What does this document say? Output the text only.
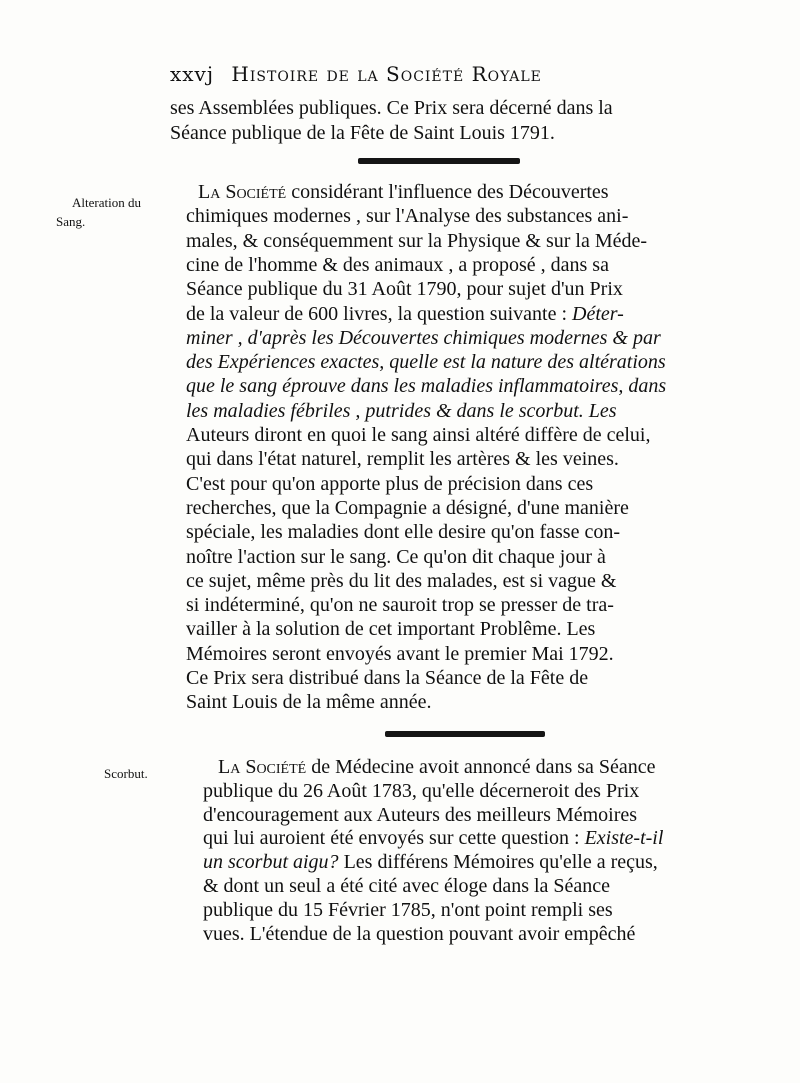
xxvj Histoire de la Société Royale
ses Assemblées publiques. Ce Prix sera décerné dans la
Séance publique de la Fête de Saint Louis 1791.
Alteration du
Sang.
La Société considérant l'influence des Découvertes
chimiques modernes , sur l'Analyse des substances ani-
males, & conséquemment sur la Physique & sur la Méde-
cine de l'homme & des animaux , a proposé , dans sa
Séance publique du 31 Août 1790, pour sujet d'un Prix
de la valeur de 600 livres, la question suivante : Déter-
miner , d'après les Découvertes chimiques modernes & par
des Expériences exactes, quelle est la nature des altérations
que le sang éprouve dans les maladies inflammatoires, dans
les maladies fébriles , putrides & dans le scorbut. Les
Auteurs diront en quoi le sang ainsi altéré diffère de celui,
qui dans l'état naturel, remplit les artères & les veines.
C'est pour qu'on apporte plus de précision dans ces
recherches, que la Compagnie a désigné, d'une manière
spéciale, les maladies dont elle desire qu'on fasse con-
noître l'action sur le sang. Ce qu'on dit chaque jour à
ce sujet, même près du lit des malades, est si vague &
si indéterminé, qu'on ne sauroit trop se presser de tra-
vailler à la solution de cet important Problême. Les
Mémoires seront envoyés avant le premier Mai 1792.
Ce Prix sera distribué dans la Séance de la Fête de
Saint Louis de la même année.
Scorbut.	La Société de Médecine avoit annoncé dans sa Séance
publique du 26 Août 1783, qu'elle décerneroit des Prix
d'encouragement aux Auteurs des meilleurs Mémoires
qui lui auroient été envoyés sur cette question : Existe-t-il
un scorbut aigu? Les différens Mémoires qu'elle a reçus,
& dont un seul a été cité avec éloge dans la Séance
publique du 15 Février 1785, n'ont point rempli ses
vues. L'étendue de la question pouvant avoir empêché
